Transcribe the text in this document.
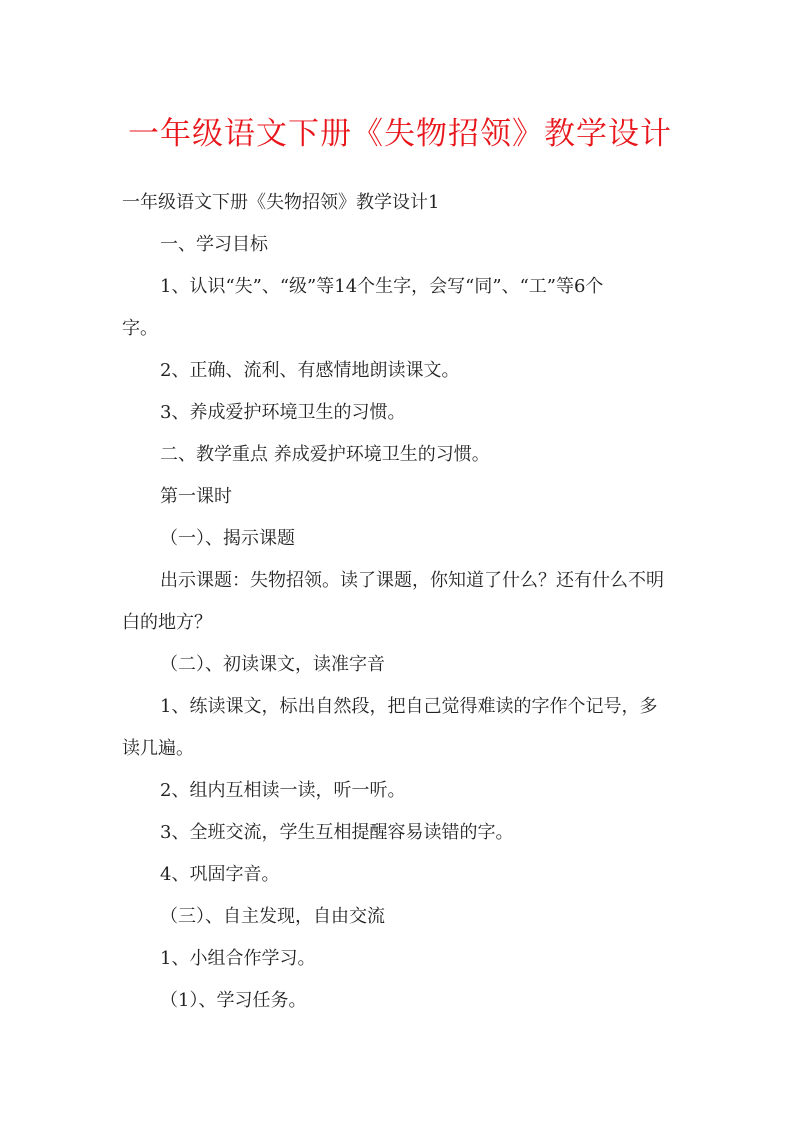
一年级语文下册《失物招领》教学设计
一年级语文下册《失物招领》教学设计1
一、学习目标
1、认识“失”、“级”等14个生字，会写“同”、“工”等6个
字。
2、正确、流利、有感情地朗读课文。
3、养成爱护环境卫生的习惯。
二、教学重点 养成爱护环境卫生的习惯。
第一课时
（一）、揭示课题
出示课题：失物招领。读了课题，你知道了什么？还有什么不明
白的地方？
（二）、初读课文，读准字音
1、练读课文，标出自然段，把自己觉得难读的字作个记号，多
读几遍。
2、组内互相读一读，听一听。
3、全班交流，学生互相提醒容易读错的字。
4、巩固字音。
（三）、自主发现，自由交流
1、小组合作学习。
（1）、学习任务。
